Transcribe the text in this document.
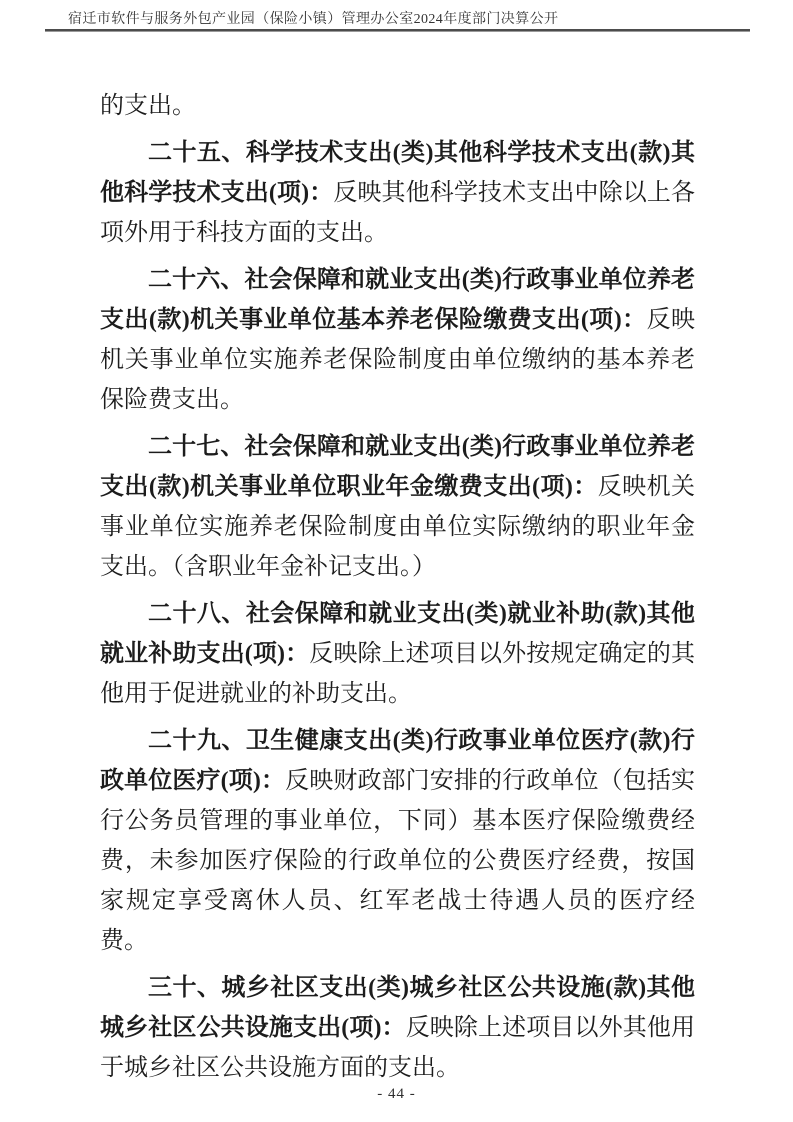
宿迁市软件与服务外包产业园（保险小镇）管理办公室2024年度部门决算公开

的支出。

二十五、科学技术支出(类)其他科学技术支出(款)其他科学技术支出(项)：反映其他科学技术支出中除以上各项外用于科技方面的支出。

二十六、社会保障和就业支出(类)行政事业单位养老支出(款)机关事业单位基本养老保险缴费支出(项)：反映机关事业单位实施养老保险制度由单位缴纳的基本养老保险费支出。

二十七、社会保障和就业支出(类)行政事业单位养老支出(款)机关事业单位职业年金缴费支出(项)：反映机关事业单位实施养老保险制度由单位实际缴纳的职业年金支出。（含职业年金补记支出。）

二十八、社会保障和就业支出(类)就业补助(款)其他就业补助支出(项)：反映除上述项目以外按规定确定的其他用于促进就业的补助支出。

二十九、卫生健康支出(类)行政事业单位医疗(款)行政单位医疗(项)：反映财政部门安排的行政单位（包括实行公务员管理的事业单位，下同）基本医疗保险缴费经费，未参加医疗保险的行政单位的公费医疗经费，按国家规定享受离休人员、红军老战士待遇人员的医疗经费。

三十、城乡社区支出(类)城乡社区公共设施(款)其他城乡社区公共设施支出(项)：反映除上述项目以外其他用于城乡社区公共设施方面的支出。

- 44 -
